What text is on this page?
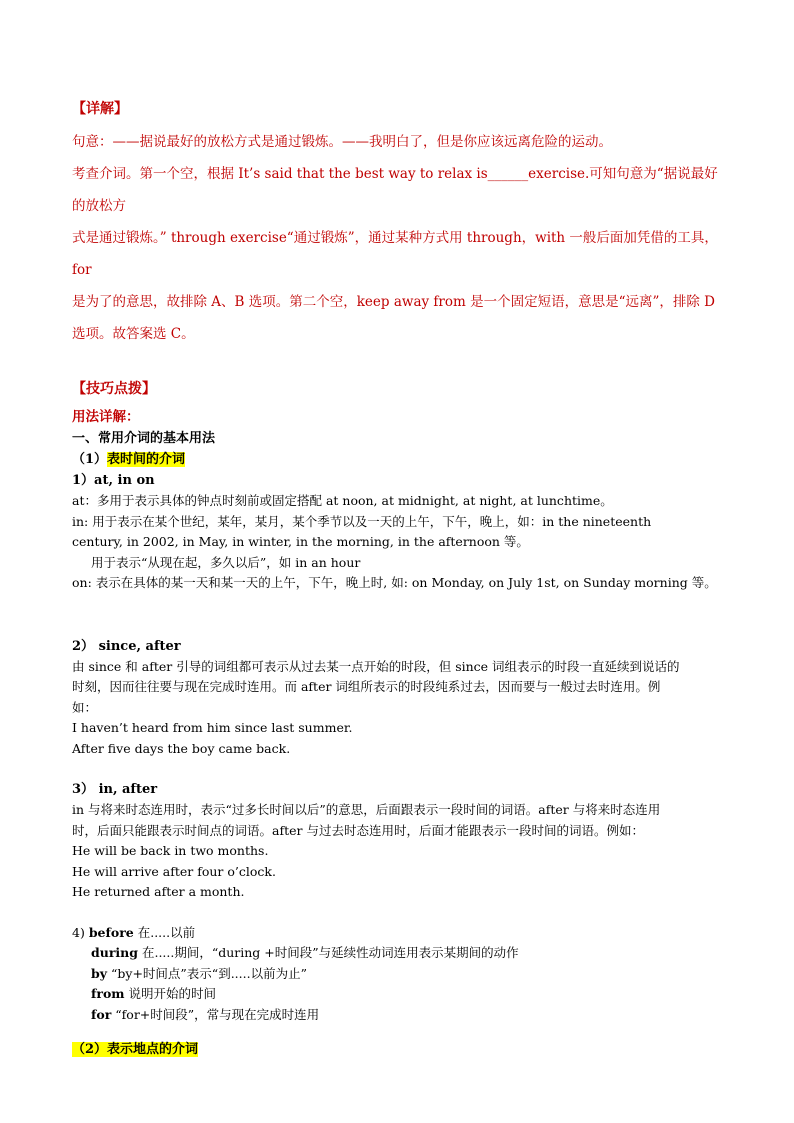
【详解】

句意：——据说最好的放松方式是通过锻炼。——我明白了，但是你应该远离危险的运动。

考查介词。第一个空，根据 It’s said that the best way to relax is______exercise.可知句意为“据说最好的放松方

式是通过锻炼。” through exercise“通过锻炼”，通过某种方式用 through，with 一般后面加凭借的工具，for

是为了的意思，故排除 A、B 选项。第二个空，keep away from 是一个固定短语，意思是“远离”，排除 D

选项。故答案选 C。

【技巧点拨】
用法详解：
一、常用介词的基本用法
（1）表时间的介词
1）at, in on

at：多用于表示具体的钟点时刻前或固定搭配 at noon, at midnight, at night, at lunchtime。

in: 用于表示在某个世纪，某年，某月，某个季节以及一天的上午，下午，晚上，如：in the nineteenth

century, in 2002, in May, in winter, in the morning, in the afternoon 等。

用于表示“从现在起，多久以后”，如 in an hour

on: 表示在具体的某一天和某一天的上午，下午，晚上时, 如: on Monday, on July 1st, on Sunday morning 等。

2） since, after

由 since 和 after 引导的词组都可表示从过去某一点开始的时段，但 since 词组表示的时段一直延续到说话的

时刻，因而往往要与现在完成时连用。而 after 词组所表示的时段纯系过去，因而要与一般过去时连用。例

如：

I haven’t heard from him since last summer.

After five days the boy came back.

3） in, after

in 与将来时态连用时，表示“过多长时间以后”的意思，后面跟表示一段时间的词语。after 与将来时态连用

时，后面只能跟表示时间点的词语。after 与过去时态连用时，后面才能跟表示一段时间的词语。例如：

He will be back in two months.

He will arrive after four o’clock.

He returned after a month.

4) before 在.....以前

during 在.....期间，“during +时间段”与延续性动词连用表示某期间的动作

by “by+时间点”表示“到.....以前为止”

from 说明开始的时间

for “for+时间段”，常与现在完成时连用

（2）表示地点的介词
